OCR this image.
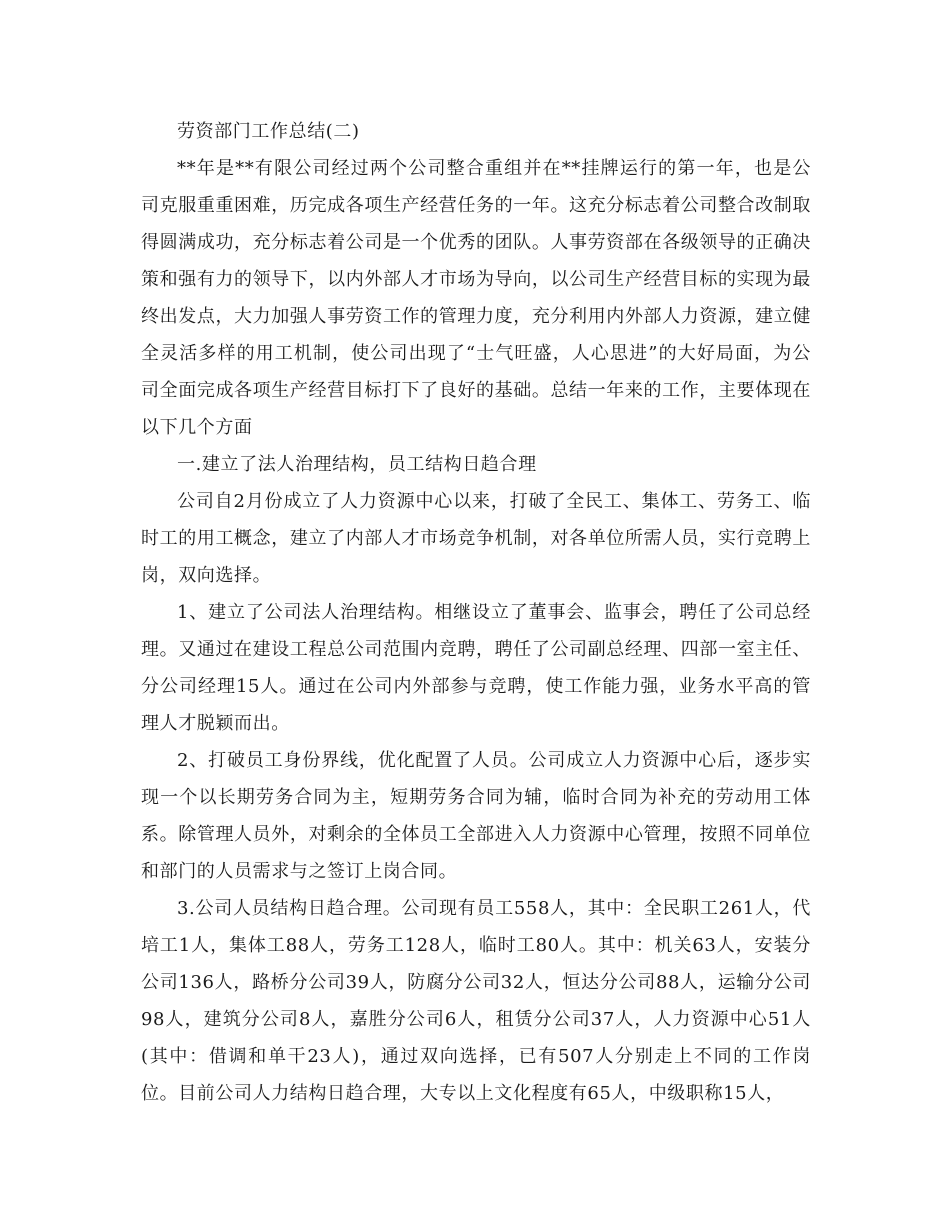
劳资部门工作总结(二)

**年是**有限公司经过两个公司整合重组并在**挂牌运行的第一年，也是公司克服重重困难，历完成各项生产经营任务的一年。这充分标志着公司整合改制取得圆满成功，充分标志着公司是一个优秀的团队。人事劳资部在各级领导的正确决策和强有力的领导下，以内外部人才市场为导向，以公司生产经营目标的实现为最终出发点，大力加强人事劳资工作的管理力度，充分利用内外部人力资源，建立健全灵活多样的用工机制，使公司出现了“士气旺盛，人心思进”的大好局面，为公司全面完成各项生产经营目标打下了良好的基础。总结一年来的工作，主要体现在以下几个方面

一.建立了法人治理结构，员工结构日趋合理

公司自2月份成立了人力资源中心以来，打破了全民工、集体工、劳务工、临时工的用工概念，建立了内部人才市场竞争机制，对各单位所需人员，实行竞聘上岗，双向选择。

1、建立了公司法人治理结构。相继设立了董事会、监事会，聘任了公司总经理。又通过在建设工程总公司范围内竞聘，聘任了公司副总经理、四部一室主任、分公司经理15人。通过在公司内外部参与竞聘，使工作能力强，业务水平高的管理人才脱颖而出。

2、打破员工身份界线，优化配置了人员。公司成立人力资源中心后，逐步实现一个以长期劳务合同为主，短期劳务合同为辅，临时合同为补充的劳动用工体系。除管理人员外，对剩余的全体员工全部进入人力资源中心管理，按照不同单位和部门的人员需求与之签订上岗合同。

3.公司人员结构日趋合理。公司现有员工558人，其中：全民职工261人，代培工1人，集体工88人，劳务工128人，临时工80人。其中：机关63人，安装分公司136人，路桥分公司39人，防腐分公司32人，恒达分公司88人，运输分公司98人，建筑分公司8人，嘉胜分公司6人，租赁分公司37人，人力资源中心51人(其中：借调和单干23人)，通过双向选择，已有507人分别走上不同的工作岗位。目前公司人力结构日趋合理，大专以上文化程度有65人，中级职称15人，
